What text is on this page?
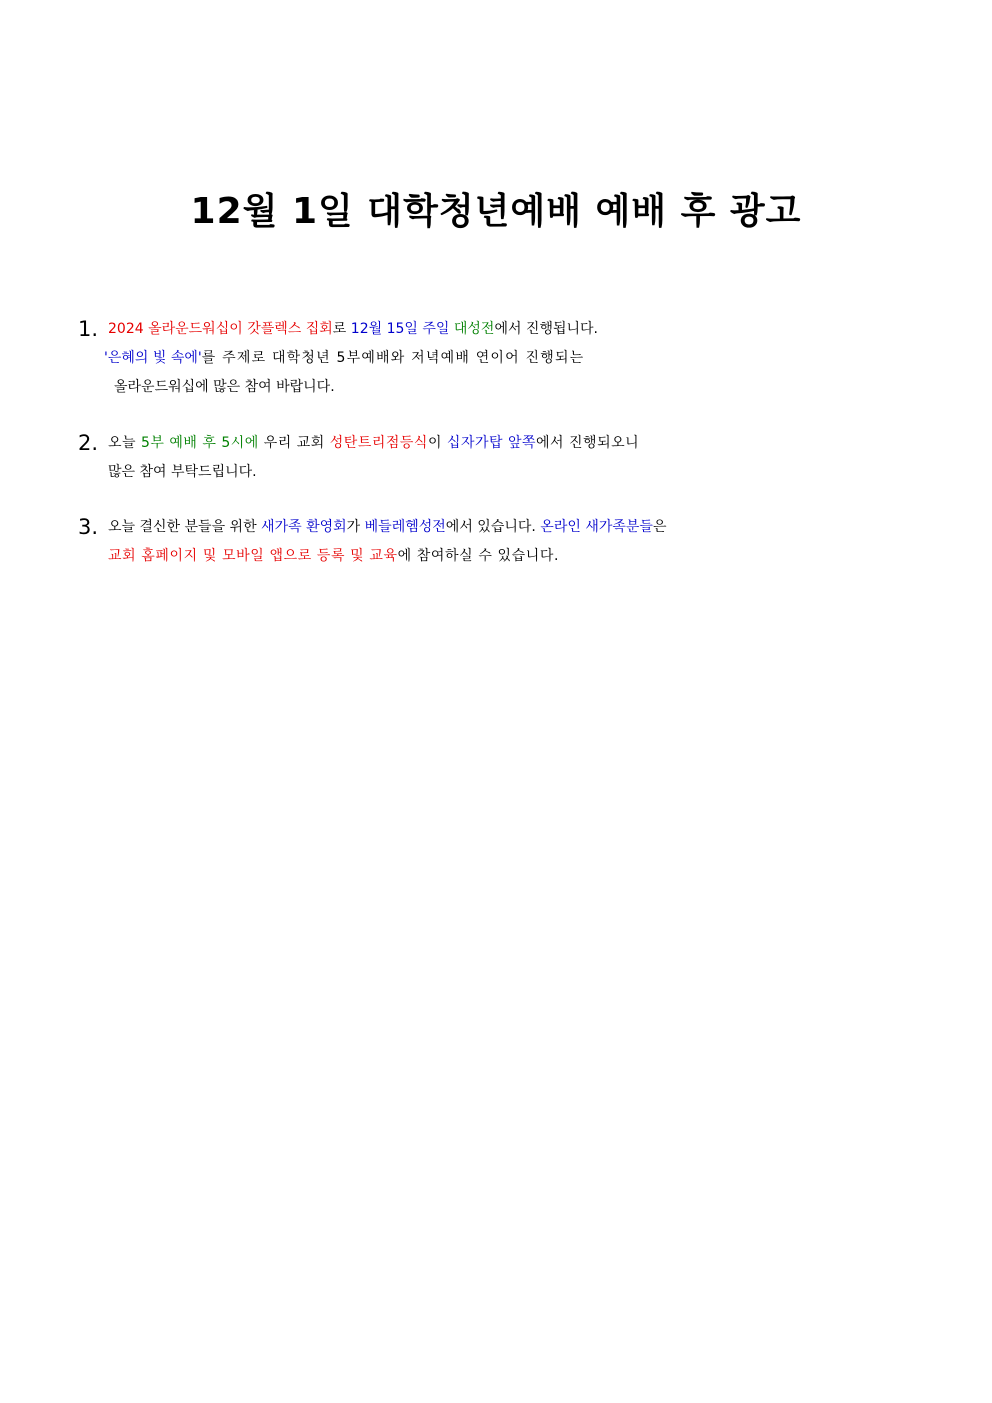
12월 1일 대학청년예배 예배 후 광고
1. 2024 올라운드워십이 갓플렉스 집회로 12월 15일 주일 대성전에서 진행됩니다.
'은혜의 빛 속에'를 주제로 대학청년 5부예배와 저녁예배 연이어 진행되는
올라운드워십에 많은 참여 바랍니다.
2. 오늘 5부 예배 후 5시에 우리 교회 성탄트리점등식이 십자가탑 앞쪽에서 진행되오니
많은 참여 부탁드립니다.
3. 오늘 결신한 분들을 위한 새가족 환영회가 베들레헴성전에서 있습니다. 온라인 새가족분들은
교회 홈페이지 및 모바일 앱으로 등록 및 교육에 참여하실 수 있습니다.
